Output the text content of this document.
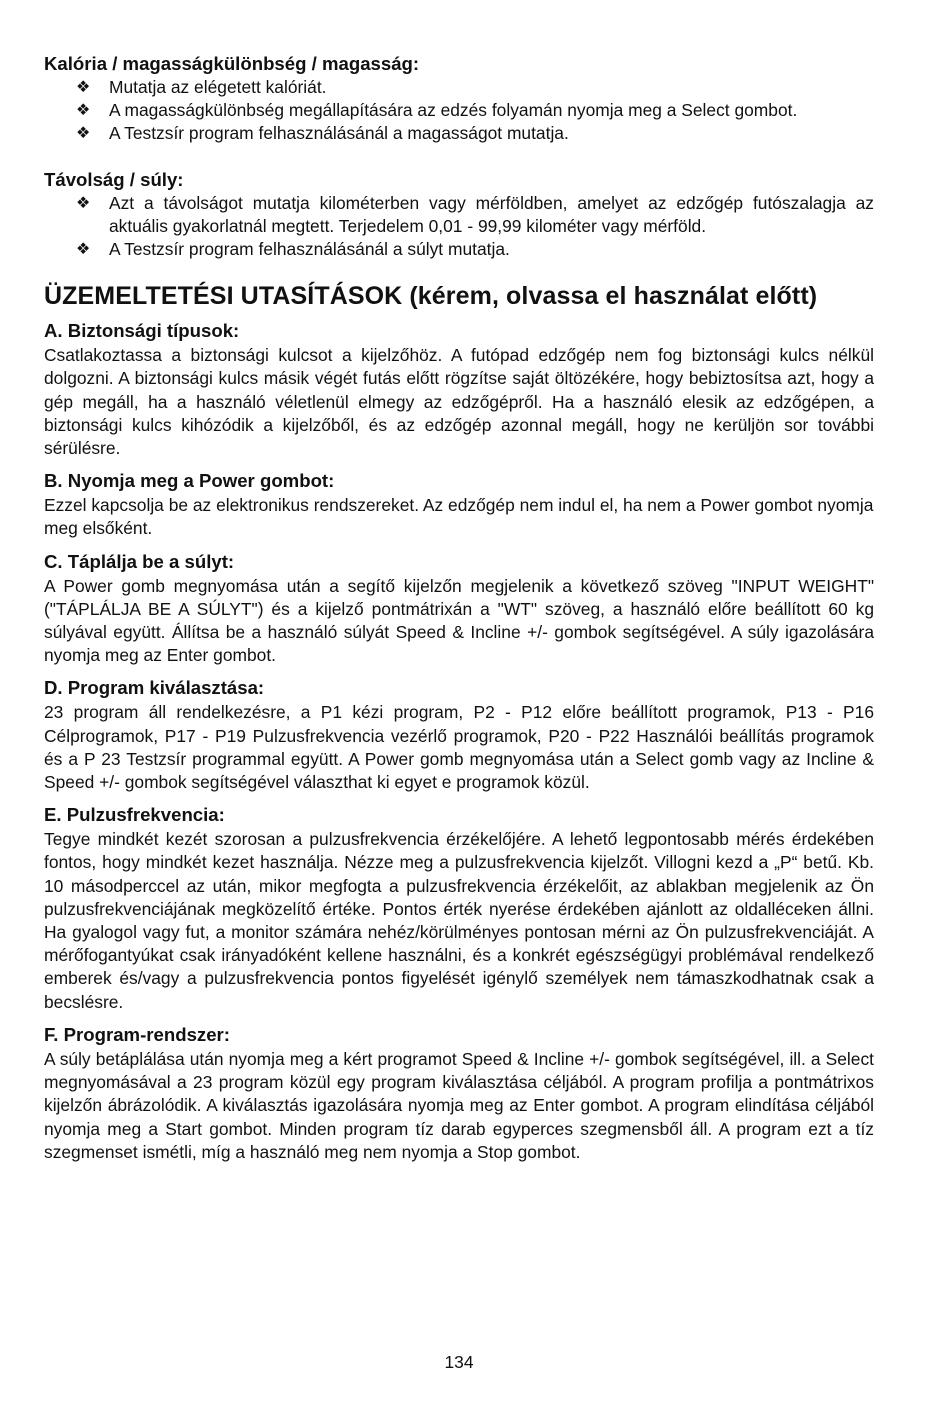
Kalória / magasságkülönbség / magasság:
❖ Mutatja az elégetett kalóriát.
❖ A magasságkülönbség megállapítására az edzés folyamán nyomja meg a Select gombot.
❖ A Testzsír program felhasználásánál a magasságot mutatja.
Távolság / súly:
❖ Azt a távolságot mutatja kilométerben vagy mérföldben, amelyet az edzőgép futószalagja az aktuális gyakorlatnál megtett. Terjedelem 0,01 - 99,99 kilométer vagy mérföld.
❖ A Testzsír program felhasználásánál a súlyt mutatja.
ÜZEMELTETÉSI UTASÍTÁSOK (kérem, olvassa el használat előtt)
A. Biztonsági típusok:

Csatlakoztassa a biztonsági kulcsot a kijelzőhöz. A futópad edzőgép nem fog biztonsági kulcs nélkül dolgozni. A biztonsági kulcs másik végét futás előtt rögzítse saját öltözékére, hogy bebiztosítsa azt, hogy a gép megáll, ha a használó véletlenül elmegy az edzőgépről. Ha a használó elesik az edzőgépen, a biztonsági kulcs kihózódik a kijelzőből, és az edzőgép azonnal megáll, hogy ne kerüljön sor további sérülésre.

B. Nyomja meg a Power gombot:

Ezzel kapcsolja be az elektronikus rendszereket. Az edzőgép nem indul el, ha nem a Power gombot nyomja meg elsőként.

C. Táplálja be a súlyt:

A Power gomb megnyomása után a segítő kijelzőn megjelenik a következő szöveg "INPUT WEIGHT" ("TÁPLÁLJA BE A SÚLYT") és a kijelző pontmátrixán a "WT" szöveg, a használó előre beállított 60 kg súlyával együtt. Állítsa be a használó súlyát Speed & Incline +/- gombok segítségével. A súly igazolására nyomja meg az Enter gombot.

D. Program kiválasztása:

23 program áll rendelkezésre, a P1 kézi program, P2 - P12 előre beállított programok, P13 - P16 Célprogramok, P17 - P19 Pulzusfrekvencia vezérlő programok, P20 - P22 Használói beállítás programok és a P 23 Testzsír programmal együtt. A Power gomb megnyomása után a Select gomb vagy az Incline & Speed +/- gombok segítségével választhat ki egyet e programok közül.

E. Pulzusfrekvencia:

Tegye mindkét kezét szorosan a pulzusfrekvencia érzékelőjére. A lehető legpontosabb mérés érdekében fontos, hogy mindkét kezet használja. Nézze meg a pulzusfrekvencia kijelzőt. Villogni kezd a „P“ betű. Kb. 10 másodperccel az után, mikor megfogta a pulzusfrekvencia érzékelőit, az ablakban megjelenik az Ön pulzusfrekvenciájának megközelítő értéke. Pontos érték nyerése érdekében ajánlott az oldalléceken állni. Ha gyalogol vagy fut, a monitor számára nehéz/körülményes pontosan mérni az Ön pulzusfrekvenciáját. A mérőfogantyúkat csak irányadóként kellene használni, és a konkrét egészségügyi problémával rendelkező emberek és/vagy a pulzusfrekvencia pontos figyelését igénylő személyek nem támaszkodhatnak csak a becslésre.

F. Program-rendszer:

A súly betáplálása után nyomja meg a kért programot Speed & Incline +/- gombok segítségével, ill. a Select megnyomásával a 23 program közül egy program kiválasztása céljából. A program profilja a pontmátrixos kijelzőn ábrázolódik. A kiválasztás igazolására nyomja meg az Enter gombot. A program elindítása céljából nyomja meg a Start gombot. Minden program tíz darab egyperces szegmensből áll. A program ezt a tíz szegmenset ismétli, míg a használó meg nem nyomja a Stop gombot.

134
